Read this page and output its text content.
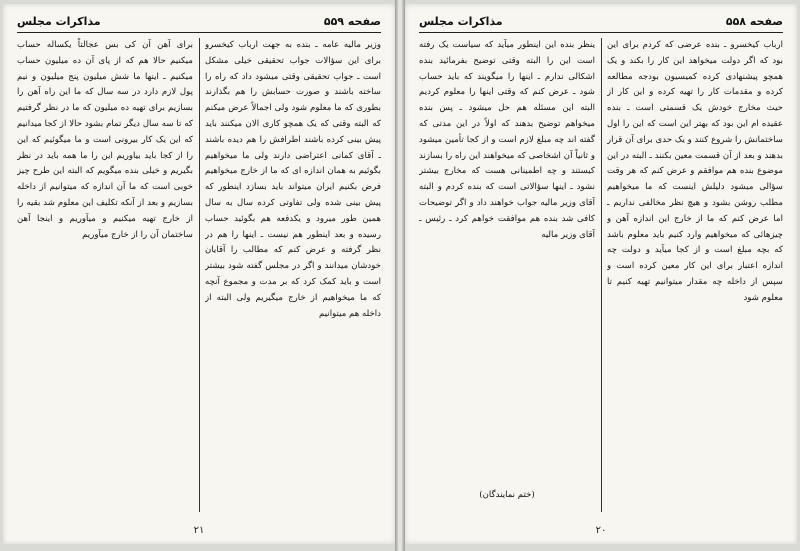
صفحه ۵۵۹
مذاکرات مجلس

وزیر مالیه عامه ـ بنده به جهت ارباب کیخسرو برای این سؤالات جواب تحقیقی خیلی مشکل است ـ جواب تحقیقی وقتی میشود داد که راه را ساخته باشند و صورت حسابش را هم بگذارند بطوری که ما معلوم شود ولی اجمالاً عرض میکنم که البته وقتی که یک همچو کاری الان میکنند باید پیش بینی کرده باشند اطرافش را هم دیده باشند ـ آقای کمانی اعتراضی دارند ولی ما میخواهیم بگوئیم به همان اندازه ای که ما از خارج میخواهیم فرض بکنیم ایران میتواند باید بسازد اینطور که پیش بینی شده ولی تفاوتی کرده سال به سال همین طور میرود و یکدفعه هم بگوئید حساب رسیده و بعد اینطور هم نیست ـ اینها را هم در نظر گرفته و عرض کنم که مطالب را آقایان خودشان میدانند و اگر در مجلس گفته شود بیشتر است و باید کمک کرد که بر مدت و مجموع آنچه که ما میخواهیم از خارج میگیریم ولی البته از داخله هم میتوانیم

برای آهن آن کی بس عجالتاً یکساله حساب میکنیم حالا هم که از پای آن ده میلیون حساب میکنیم ـ اینها ما شش میلیون پنج میلیون و نیم پول لازم دارد در سه سال که ما این راه آهن را بسازیم برای تهیه ده میلیون که ما در نظر گرفتیم که تا سه سال دیگر تمام بشود حالا از کجا میدانیم که این یک کار بیرونی است و ما میگوئیم که این را از کجا باید بیاوریم این را ما همه باید در نظر بگیریم و خیلی بنده میگویم که البته این طرح چیز خوبی است که ما آن اندازه که میتوانیم از داخله بسازیم و بعد از آنکه تکلیف این معلوم شد بقیه را از خارج تهیه میکنیم و میآوریم و اینجا آهن ساختمان آن را از خارج میآوریم

۲۱
صفحه ۵۵۸
مذاکرات مجلس

ارباب کیخسرو ـ بنده عرضی که کردم برای این بود که اگر دولت میخواهد این کار را بکند و یک همچو پیشنهادی کرده کمیسیون بودجه مطالعه کرده و مقدمات کار را تهیه کرده و این کار از حیث مخارج خودش یک قسمتی است ـ بنده عقیده ام این بود که بهتر این است که این را اول ساختمانش را شروع کنند و یک حدی برای آن قرار بدهند و بعد از آن قسمت معین بکنند ـ البته در این موضوع بنده هم موافقم و عرض کنم که هر وقت سؤالی میشود دلیلش اینست که ما میخواهیم مطلب روشن بشود و هیچ نظر مخالفی نداریم ـ اما عرض کنم که ما از خارج این اندازه آهن و چیزهائی که میخواهیم وارد کنیم باید معلوم باشد که بچه مبلغ است و از کجا میآید و دولت چه اندازه اعتبار برای این کار معین کرده است و سپس از داخله چه مقدار میتوانیم تهیه کنیم تا معلوم شود

ینظر بنده این اینطور میآید که سیاست یک رفته است این را البته وقتی توضیح بفرمائید بنده اشکالی ندارم ـ اینها را میگویند که باید حساب شود ـ عرض کنم که وقتی اینها را معلوم کردیم البته این مسئله هم حل میشود ـ پس بنده میخواهم توضیح بدهند که اولاً در این مدتی که گفته اند چه مبلغ لازم است و از کجا تأمین میشود و ثانیاً آن اشخاصی که میخواهند این راه را بسازند کیستند و چه اطمینانی هست که مخارج بیشتر نشود ـ اینها سؤالاتی است که بنده کردم و البته آقای وزیر مالیه جواب خواهند داد و اگر توضیحات کافی شد بنده هم موافقت خواهم کرد ـ رئیس ـ آقای وزیر مالیه

(ختم نمایندگان)
۲۰
